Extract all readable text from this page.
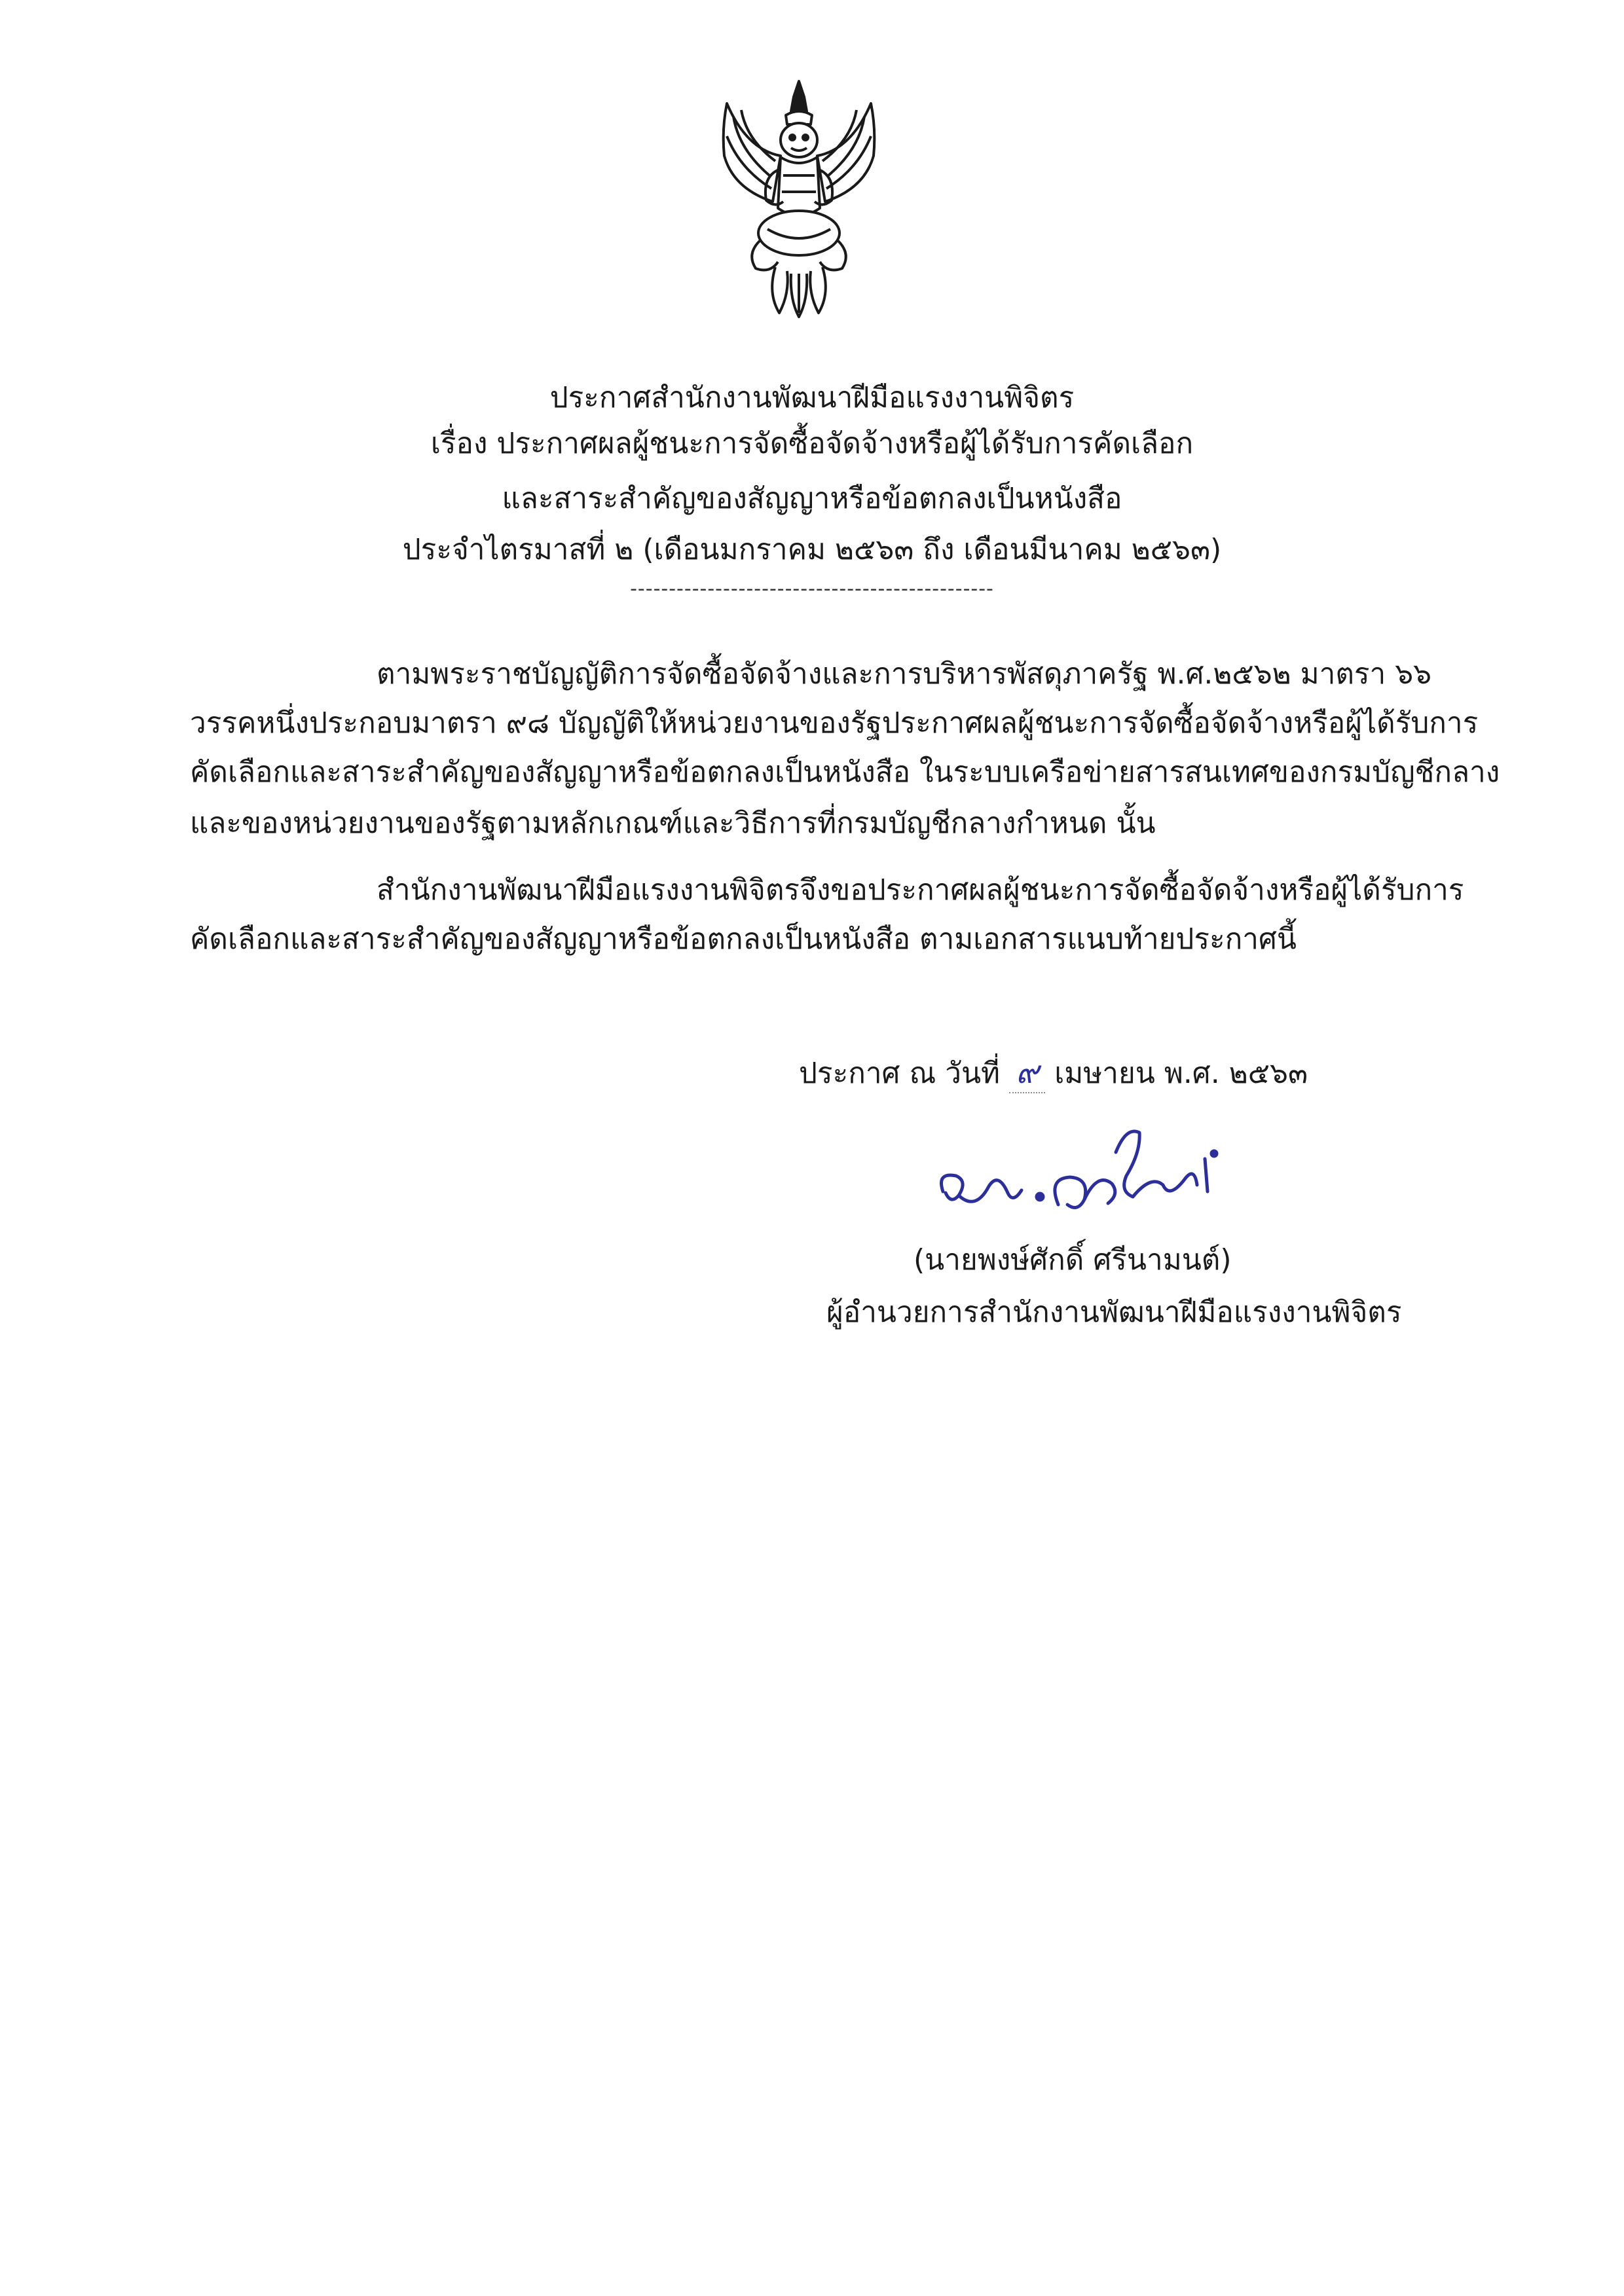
ประกาศสำนักงานพัฒนาฝีมือแรงงานพิจิตร
เรื่อง ประกาศผลผู้ชนะการจัดซื้อจัดจ้างหรือผู้ได้รับการคัดเลือก
และสาระสำคัญของสัญญาหรือข้อตกลงเป็นหนังสือ
ประจำไตรมาสที่ ๒ (เดือนมกราคม ๒๕๖๓ ถึง เดือนมีนาคม ๒๕๖๓)
-----------------------------------------------
ตามพระราชบัญญัติการจัดซื้อจัดจ้างและการบริหารพัสดุภาครัฐ พ.ศ.๒๕๖๒ มาตรา ๖๖
วรรคหนึ่งประกอบมาตรา ๙๘ บัญญัติให้หน่วยงานของรัฐประกาศผลผู้ชนะการจัดซื้อจัดจ้างหรือผู้ได้รับการ
คัดเลือกและสาระสำคัญของสัญญาหรือข้อตกลงเป็นหนังสือ ในระบบเครือข่ายสารสนเทศของกรมบัญชีกลาง
และของหน่วยงานของรัฐตามหลักเกณฑ์และวิธีการที่กรมบัญชีกลางกำหนด นั้น
สำนักงานพัฒนาฝีมือแรงงานพิจิตรจึงขอประกาศผลผู้ชนะการจัดซื้อจัดจ้างหรือผู้ได้รับการ
คัดเลือกและสาระสำคัญของสัญญาหรือข้อตกลงเป็นหนังสือ ตามเอกสารแนบท้ายประกาศนี้
ประกาศ ณ วันที่ ๙ เมษายน พ.ศ. ๒๕๖๓
(นายพงษ์ศักดิ์ ศรีนามนต์)
ผู้อำนวยการสำนักงานพัฒนาฝีมือแรงงานพิจิตร
